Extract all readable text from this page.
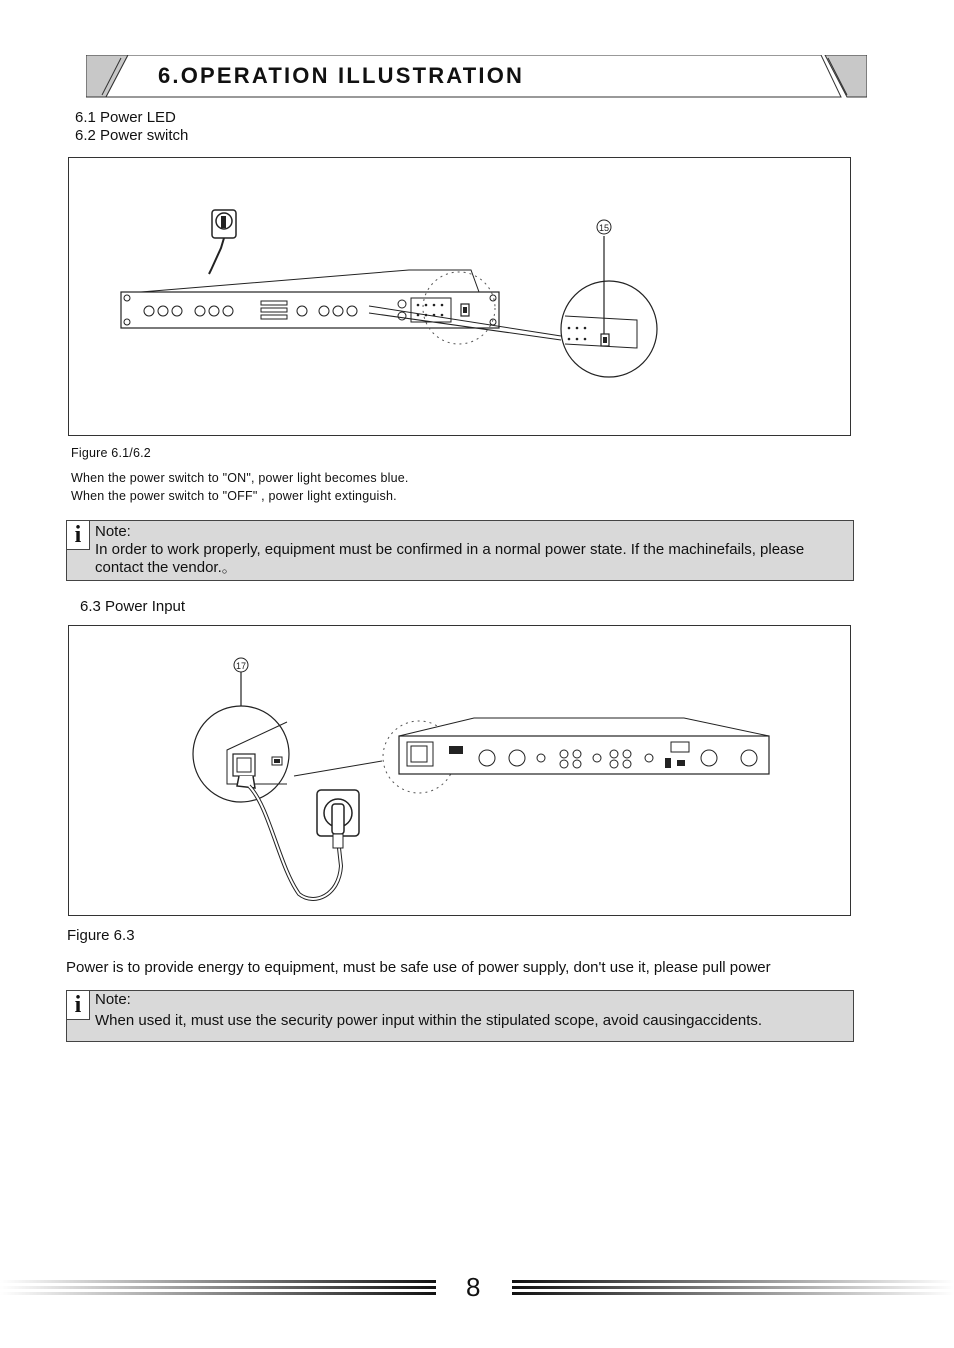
6.OPERATION ILLUSTRATION
6.1 Power LED
6.2 Power switch
15
Figure 6.1/6.2
When the power switch to "ON", power light becomes blue.
When the power switch to "OFF" , power light extinguish.
i Note:
In order to work properly, equipment must be confirmed in a normal power state. If the machinefails, please contact the vendor.。
6.3 Power Input
17
Figure 6.3
Power is to provide energy to equipment, must be safe use of power supply, don't use it, please pull power
i Note:
When used it, must use the security power input within the stipulated scope, avoid causingaccidents.
8
